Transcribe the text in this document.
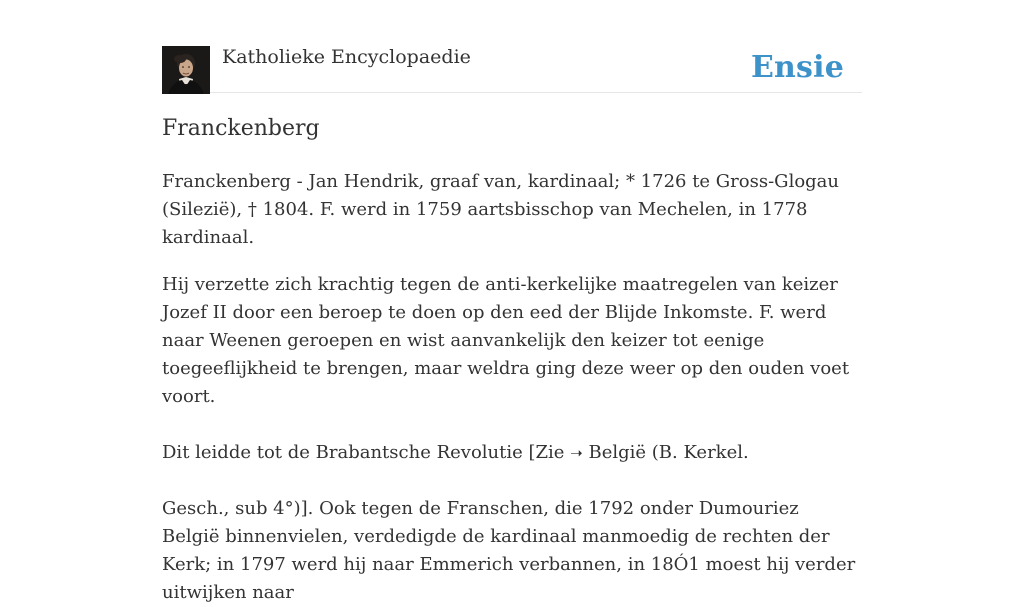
Katholieke Encyclopaedie	Ensie
Franckenberg

Franckenberg - Jan Hendrik, graaf van, kardinaal; * 1726 te Gross-Glogau (Silezië), † 1804. F. werd in 1759 aartsbisschop van Mechelen, in 1778 kardinaal.

Hij verzette zich krachtig tegen de anti-kerkelijke maatregelen van keizer Jozef II door een beroep te doen op den eed der Blijde Inkomste. F. werd naar Weenen geroepen en wist aanvankelijk den keizer tot eenige toegeeflijkheid te brengen, maar weldra ging deze weer op den ouden voet voort.

Dit leidde tot de Brabantsche Revolutie [Zie ➝ België (B. Kerkel.

Gesch., sub 4°)]. Ook tegen de Franschen, die 1792 onder Dumouriez België binnenvielen, verdedigde de kardinaal manmoedig de rechten der Kerk; in 1797 werd hij naar Emmerich verbannen, in 18Ó1 moest hij verder uitwijken naar
